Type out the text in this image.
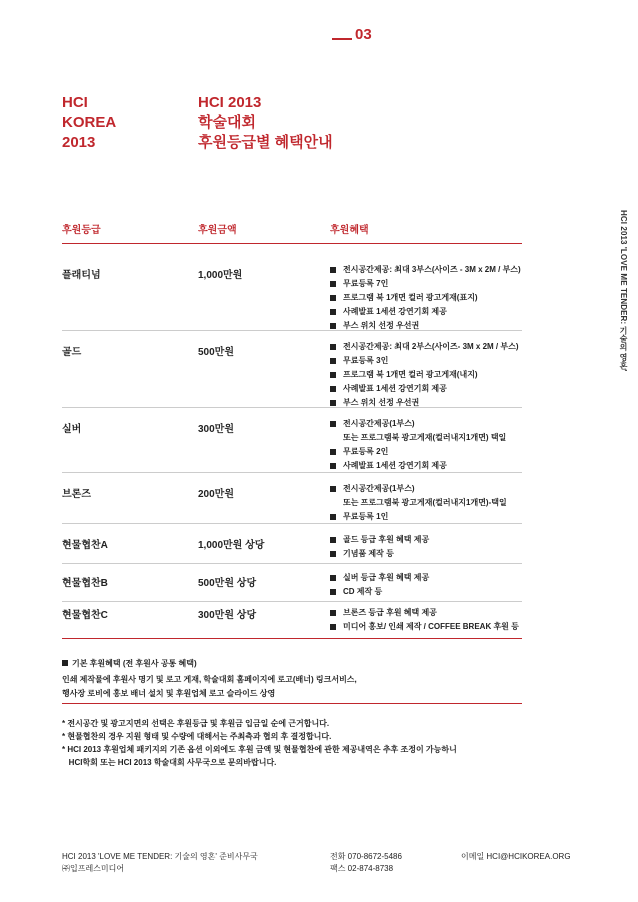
03
HCI
KOREA
2013
HCI 2013
학술대회
후원등급별 혜택안내
HCI 2013 'LOVE ME TENDER: 기술의 영혼'
후원등급	후원금액	후원혜택
플래티넘	1,000만원
전시공간제공: 최대 3부스(사이즈 - 3M x 2M / 부스)
무료등록 7인
프로그램 북 1개면 컬러 광고게재(표지)
사례발표 1세션 강연기회 제공
부스 위치 선정 우선권
골드	500만원
전시공간제공: 최대 2부스(사이즈- 3M x 2M / 부스)
무료등록 3인
프로그램 북 1개면 컬러 광고게재(내지)
사례발표 1세션 강연기회 제공
부스 위치 선정 우선권
실버	300만원
전시공간제공(1부스)
또는 프로그램북 광고게재(컬러내지1개면) 택일
무료등록 2인
사례발표 1세션 강연기회 제공
브론즈	200만원
전시공간제공(1부스)
또는 프로그램북 광고게재(컬러내지1개면)-택일
무료등록 1인
현물협찬A	1,000만원 상당
골드 등급 후원 혜택 제공
기념품 제작 등
현물협찬B	500만원 상당
실버 등급 후원 혜택 제공
CD 제작 등
현물협찬C	300만원 상당	브론즈 등급 후원 혜택 제공
미디어 홍보/ 인쇄 제작 / COFFEE BREAK 후원 등
기본 후원혜택 (전 후원사 공통 혜택)
인쇄 제작물에 후원사 명기 및 로고 게재, 학술대회 홈페이지에 로고(배너) 링크서비스,
행사장 로비에 홍보 배너 설치 및 후원업체 로고 슬라이드 상영
* 전시공간 및 광고지면의 선택은 후원등급 및 후원금 입금일 순에 근거합니다.
* 현물협찬의 경우 지원 형태 및 수량에 대해서는 주최측과 협의 후 결정합니다.
* HCI 2013 후원업체 패키지의 기존 옵션 이외에도 후원 금액 및 현물협찬에 관한 제공내역은 추후 조정이 가능하니
HCI학회 또는 HCI 2013 학술대회 사무국으로 문의바랍니다.
HCI 2013 'LOVE ME TENDER: 기술의 영혼' 준비사무국
㈜입프레스미디어
전화 070-8672-5486
팩스 02-874-8738
이메일 HCI@HCIKOREA.ORG
